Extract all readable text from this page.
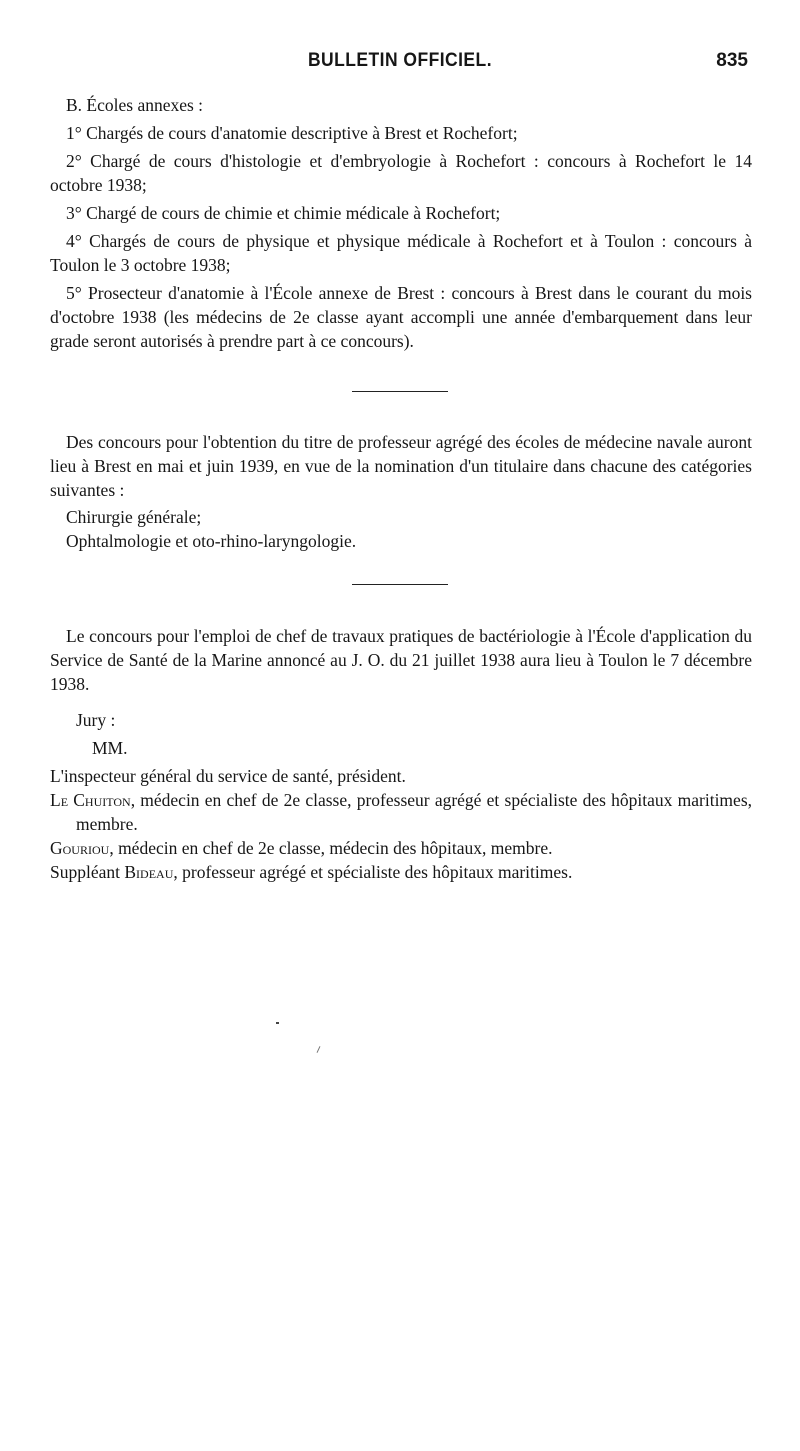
BULLETIN OFFICIEL.	835

B. Écoles annexes :

1° Chargés de cours d'anatomie descriptive à Brest et Rochefort;

2° Chargé de cours d'histologie et d'embryologie à Rochefort : concours à Rochefort le 14 octobre 1938;

3° Chargé de cours de chimie et chimie médicale à Rochefort;

4° Chargés de cours de physique et physique médicale à Rochefort et à Toulon : concours à Toulon le 3 octobre 1938;

5° Prosecteur d'anatomie à l'École annexe de Brest : concours à Brest dans le courant du mois d'octobre 1938 (les médecins de 2e classe ayant accompli une année d'embarquement dans leur grade seront autorisés à prendre part à ce concours).

Des concours pour l'obtention du titre de professeur agrégé des écoles de médecine navale auront lieu à Brest en mai et juin 1939, en vue de la nomination d'un titulaire dans chacune des catégories suivantes :

Chirurgie générale;

Ophtalmologie et oto-rhino-laryngologie.

Le concours pour l'emploi de chef de travaux pratiques de bactériologie à l'École d'application du Service de Santé de la Marine annoncé au J. O. du 21 juillet 1938 aura lieu à Toulon le 7 décembre 1938.

Jury :

MM.

L'inspecteur général du service de santé, président.

Le Chuiton, médecin en chef de 2e classe, professeur agrégé et spécialiste des hôpitaux maritimes, membre.

Gouriou, médecin en chef de 2e classe, médecin des hôpitaux, membre.

Suppléant Bideau, professeur agrégé et spécialiste des hôpitaux maritimes.
